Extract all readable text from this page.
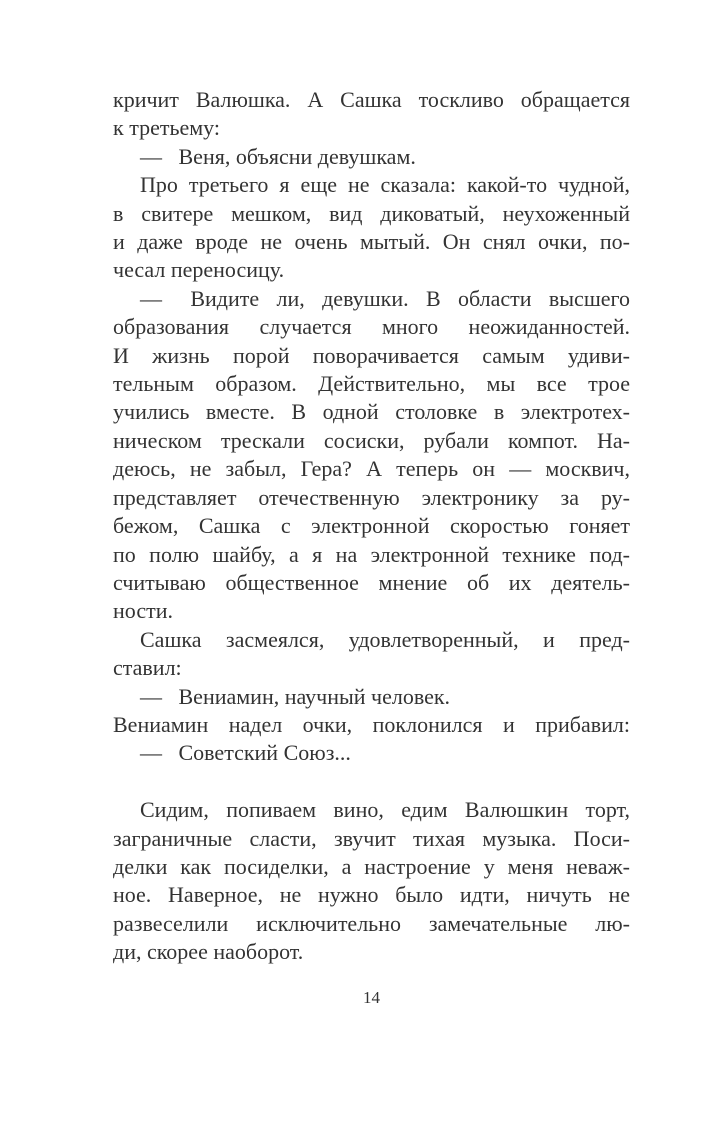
кричит Валюшка. А Сашка тоскливо обращается
к третьему:
—  Веня, объясни девушкам.
Про третьего я еще не сказала: какой-то чудной,
в свитере мешком, вид диковатый, неухоженный
и даже вроде не очень мытый. Он снял очки, по-
чесал переносицу.
—  Видите ли, девушки. В области высшего
образования случается много неожиданностей.
И жизнь порой поворачивается самым удиви-
тельным образом. Действительно, мы все трое
учились вместе. В одной столовке в электротех-
ническом трескали сосиски, рубали компот. На-
деюсь, не забыл, Гера? А теперь он — москвич,
представляет отечественную электронику за ру-
бежом, Сашка с электронной скоростью гоняет
по полю шайбу, а я на электронной технике под-
считываю общественное мнение об их деятель-
ности.
Сашка засмеялся, удовлетворенный, и пред-
ставил:
—  Вениамин, научный человек.
Вениамин надел очки, поклонился и прибавил:
—  Советский Союз...
Сидим, попиваем вино, едим Валюшкин торт,
заграничные сласти, звучит тихая музыка. Поси-
делки как посиделки, а настроение у меня неваж-
ное. Наверное, не нужно было идти, ничуть не
развеселили исключительно замечательные лю-
ди, скорее наоборот.
14
